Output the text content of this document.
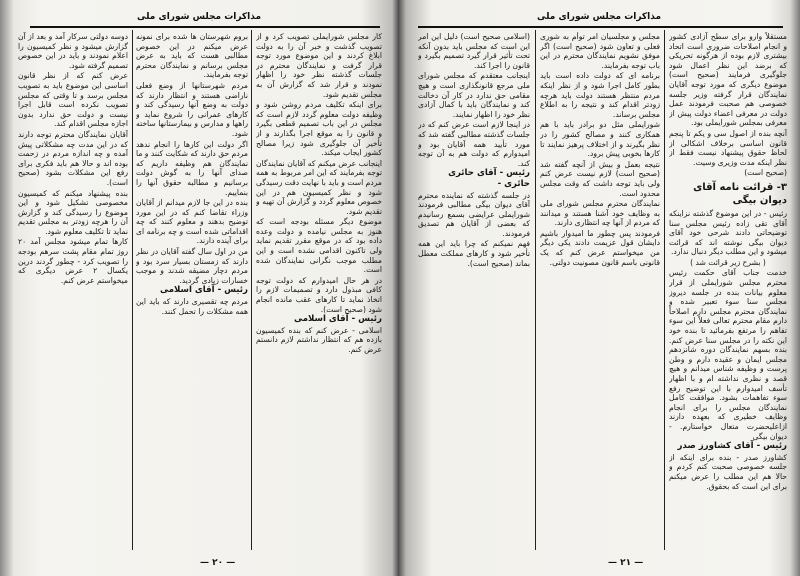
مذاکرات مجلس شورای ملی

کار مجلس شورایملی تصویب کرد و از تصویب گذشت و خبر آن را به دولت ابلاغ کردند و این موضوع مورد توجه قرار گرفت و نمایندگان محترم در جلسات گذشته نظر خود را اظهار نمودند و قرار شد که گزارش آن به مجلس تقدیم شود.

برای اینکه تکلیف مردم روشن شود و وظیفه دولت معلوم گردد لازم است که مجلس در این باب تصمیم قطعی بگیرد و قانون را به موقع اجرا بگذارند و از تأخیر آن جلوگیری شود زیرا مصالح کشور ایجاب میکند.

اینجانب عرض میکنم که آقایان نمایندگان توجه بفرمایند که این امر مربوط به همه مردم است و باید با نهایت دقت رسیدگی شود و نظر کمیسیون هم در این خصوص معلوم گردد و گزارش آن تهیه و تقدیم شود.

موضوع دیگر مسئله بودجه است که هنوز به مجلس نیامده و دولت وعده داده بود که در موقع مقرر تقدیم نماید ولی تاکنون اقدامی نشده است و این مطلب موجب نگرانی نمایندگان شده است.

در هر حال امیدوارم که دولت توجه کافی مبذول دارد و تصمیمات لازم را اتخاذ نماید تا کارهای عقب مانده انجام شود (صحیح است).

رئیس - آقای اسلامی

اسلامی - عرض کنم که بنده کمیسیون بازده هم که انتظار نداشتم لازم دانستم عرض کنم.

بروم شهرستان ها شده برای نمونه عرض میکنم در این خصوص مطالبی هست که باید به عرض مجلس برسانم و نمایندگان محترم توجه بفرمایند.

مردم شهرستانها از وضع فعلی ناراضی هستند و انتظار دارند که دولت به وضع آنها رسیدگی کند و کارهای عمرانی را شروع نماید و راهها و مدارس و بیمارستانها ساخته شود.

اگر دولت این کارها را انجام ندهد مردم حق دارند که شکایت کنند و ما نمایندگان هم وظیفه داریم که صدای آنها را به گوش دولت برسانیم و مطالبه حقوق آنها را بنماییم.

بنده در این جا لازم میدانم از آقایان وزراء تقاضا کنم که در این مورد توضیح بدهند و معلوم کنند که چه اقداماتی شده است و چه برنامه ای برای آینده دارند.

من در اول سال گفته آقایان در نظر دارند که زمستان بسیار سرد بود و مردم دچار مضیقه شدند و موجب خسارات زیادی گردید.

رئیس - آقای اسلامی

مردم چه تقصیری دارند که باید این همه مشکلات را تحمل کنند.

دوسه دولتی سرکار آمد و بعد از آن گزارش میشود و نظر کمیسیون را اعلام نمودند و باید در این خصوص تصمیم گرفته شود.

عرض کنم که از نظر قانون اساسی این موضوع باید به تصویب مجلس برسد و تا وقتی که مجلس تصویب نکرده است قابل اجرا نیست و دولت حق ندارد بدون اجازه مجلس اقدام کند.

آقایان نمایندگان محترم توجه دارند که در این مدت چه مشکلاتی پیش آمده و چه اندازه مردم در زحمت بوده اند و حالا هم باید فکری برای رفع این مشکلات بشود (صحیح است).

بنده پیشنهاد میکنم که کمیسیون مخصوصی تشکیل شود و این موضوع را رسیدگی کند و گزارش آن را هرچه زودتر به مجلس تقدیم نماید تا تکلیف معلوم شود.

کارها تمام میشود مجلس آمد ۲۰ روز تمام مقام پشت سرهم بودجه را تصویب کرد - چطور گردند درین یکسال ۲ عرض دیگری که میخواستم عرض کنم.

— ۲۰ —
مذاکرات مجلس شورای ملی

(اسلامی صحیح است) دلیل این امر این است که مجلس باید بدون آنکه تحت تأثیر قرار گیرد تصمیم بگیرد و قانون را اجرا کند.

اینجانب معتقدم که مجلس شورای ملی مرجع قانونگذاری است و هیچ مقامی حق ندارد در کار آن دخالت کند و نمایندگان باید با کمال آزادی نظر خود را اظهار نمایند.

در اینجا لازم است عرض کنم که در جلسات گذشته مطالبی گفته شد که مورد تأیید همه آقایان بود و امیدوارم که دولت هم به آن توجه کند.

رئیس - آقای حائری

حائری -

در جلسه گذشته که نماینده محترم آقای دیوان بیگی مطالبی فرمودند شورایملی عرایضی بسمع رسانیدم که بعضی از آقایان هم تصدیق فرمودند.

فهم نمیکنم که چرا باید این همه تأخیر شود و کارهای مملکت معطل بماند (صحیح است).

مجلس و مجلسیان امر توأم به شوری فعلی و تعاون شود (صحیح است) اگر موفق نشویم نمایندگان محترم در این باب توجه بفرمایند.

برنامه ای که دولت داده است باید بطور کامل اجرا شود و از نظر اینکه مردم منتظر هستند دولت باید هرچه زودتر اقدام کند و نتیجه را به اطلاع مجلس برساند.

شورایملی مثل دو برادر باید با هم همکاری کنند و مصالح کشور را در نظر بگیرند و از اختلاف پرهیز نمایند تا کارها بخوبی پیش برود.

نتیجه بعمل و بیش از آنچه گفته شد (صحیح است) لازم نیست عرض کنم ولی باید توجه داشت که وقت مجلس محدود است.

نمایندگان محترم مجلس شورای ملی به وظایف خود آشنا هستند و میدانند که مردم از آنها چه انتظاری دارند.

فرمودند پس چطور ما امیدوار باشیم دایشان قول عزیمت دادند یکی دیگر من میخواستم عرض کنم که یک قانونی باسم قانون مصونیت دولتی.

مستقلاً وارو برای سطح آزادی کشور و انجام اصلاحات ضروری است اتحاد بیشتری لازم بوده از هرگونه تحریکی که برضد این نظر اعمال شود جلوگیری فرمایند (صحیح است) موضوع دیگری که مورد توجه آقایان نمایندگان قرار گرفته وزیر جلسه خصوصی هم صحبت فرمودند عمل دولت در معرفی اعضاء دولت پیش از معرفی بمجلس شورایملی بود.

آنچه بنده از اصول سی و یکم تا پنجم قانون اساسی برخلاف اشکالی از لحاظ حقوق پیشنهاد نیست فقط از نظر اینکه مدت وزیری وسیت.

(صحیح است)

۳- قرائت نامه آقای دیوان بیگی

رئیس - در این موضوع گذشته نزاینکه آقای تقی زاده رئیس مجلس سنا توضیحاتی دادند شرحی خود آقای دیوان بیگی نوشته اند که قرائت میشود و این مطلب دیگر دنبال ندارد.

( بشرح زیر قرائت شد )

خدمت جناب آقای حکمت رئیس محترم مجلس شورایملی از قرار معلوم بیانات بنده در جلسه دیروز مجلس سنا سوء تعبیر شده و نمایندگان محترم مجلس دارم اصلاحاً دارم مقام محترم تعالی فعلاً این سوء تفاهم را مرتفع بفرمائید تا بنده خود این نکته را در مجلس سنا عرض کنم. بنده بسهم نمایندگان دوره شانزدهم مجلس ایمان و عقیده دارم و وطن پرست و وظیفه شناس میدانم و هیچ قصد و نظری نداشته ام و با اظهار تأسف امیدوارم با این توضیح رفع سوء تفاهمات بشود. موافقت کامل نمایندگان مجلس را برای انجام وظایف خطیری که بعهده دارند ازاعلیحضرت متعال خواستارم. - دیوان بیگی

رئیس - آقای کشاورز صدر

کشاورز صدر - بنده برای اینکه از جلسه خصوصی صحبت کنم کردم و حالا هم این مطلب را عرض میکنم برای این است که بحقوق.

— ۲۱ —
